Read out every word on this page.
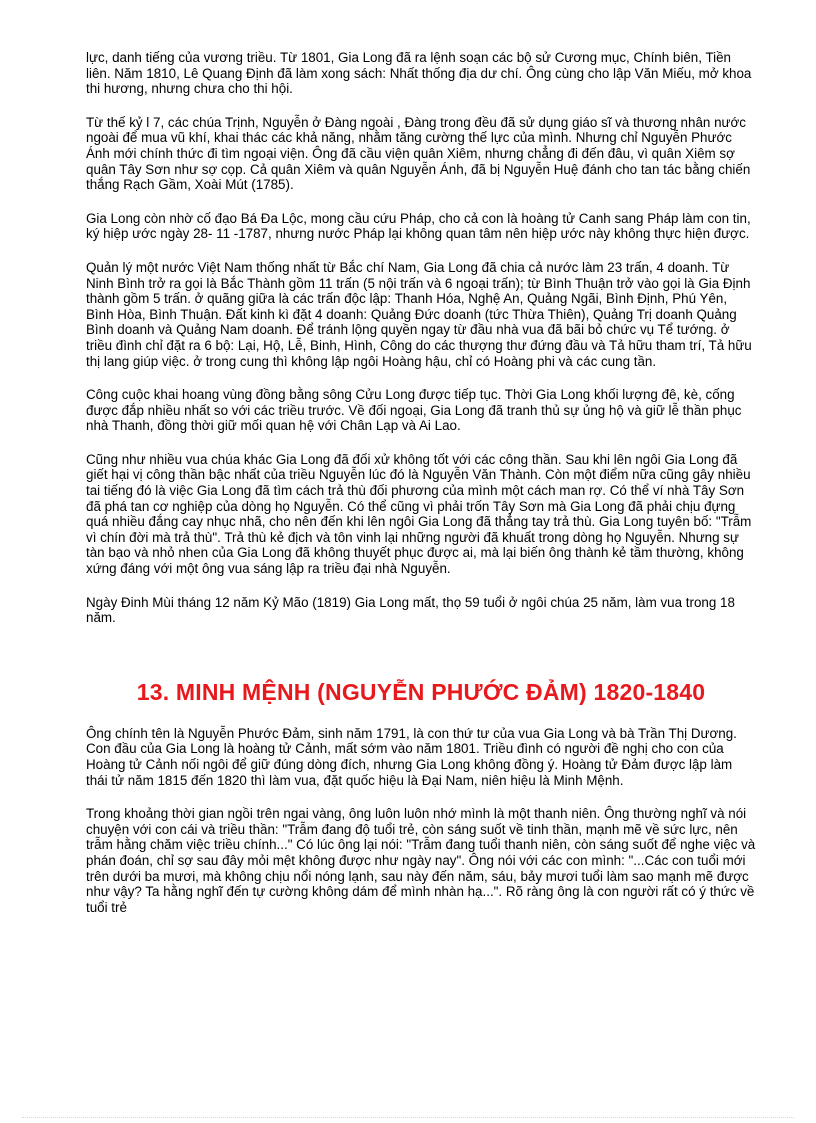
lực, danh tiếng của vương triều. Từ 1801, Gia Long đã ra lệnh soạn các bộ sử Cương mục, Chính biên, Tiền liên. Năm 1810, Lê Quang Định đã làm xong sách: Nhất thống địa dư chí. Ông cùng cho lập Văn Miếu, mở khoa thi hương, nhưng chưa cho thi hội.

Từ thế kỷ l 7, các chúa Trịnh, Nguyễn ở Đàng ngoài , Đàng trong đều đã sử dụng giáo sĩ và thương nhân nước ngoài để mua vũ khí, khai thác các khả năng, nhằm tăng cường thế lực của mình. Nhưng chỉ Nguyễn Phước Ánh mới chính thức đi tìm ngoại viện. Ông đã cầu viện quân Xiêm, nhưng chẳng đi đến đâu, vì quân Xiêm sợ quân Tây Sơn như sợ cọp. Cả quân Xiêm và quân Nguyễn Ánh, đã bị Nguyễn Huệ đánh cho tan tác bằng chiến thắng Rạch Gầm, Xoài Mút (1785).

Gia Long còn nhờ cố đạo Bá Đa Lộc, mong cầu cứu Pháp, cho cả con là hoàng tử Canh sang Pháp làm con tin, ký hiệp ước ngày 28- 11 -1787, nhưng nước Pháp lại không quan tâm nên hiệp ước này không thực hiện được.

Quản lý một nước Việt Nam thống nhất từ Bắc chí Nam, Gia Long đã chia cả nước làm 23 trấn, 4 doanh. Từ Ninh Bình trở ra gọi là Bắc Thành gồm 11 trấn (5 nội trấn và 6 ngoại trấn); từ Bình Thuận trở vào gọi là Gia Định thành gồm 5 trấn. ở quãng giữa là các trấn độc lập: Thanh Hóa, Nghệ An, Quảng Ngãi, Bình Định, Phú Yên, Bình Hòa, Bình Thuận. Đất kinh kì đặt 4 doanh: Quảng Đức doanh (tức Thừa Thiên), Quảng Trị doanh Quảng Bình doanh và Quảng Nam doanh. Để tránh lộng quyền ngay từ đầu nhà vua đã bãi bỏ chức vụ Tể tướng. ở triều đình chỉ đặt ra 6 bộ: Lại, Hộ, Lễ, Binh, Hình, Công do các thượng thư đứng đầu và Tả hữu tham trí, Tả hữu thị lang giúp việc. ở trong cung thì không lập ngôi Hoàng hậu, chỉ có Hoàng phi và các cung tần.

Công cuộc khai hoang vùng đồng bằng sông Cửu Long được tiếp tục. Thời Gia Long khối lượng đê, kè, cống được đắp nhiều nhất so với các triều trước. Về đối ngoại, Gia Long đã tranh thủ sự ủng hộ và giữ lễ thần phục nhà Thanh, đồng thời giữ mối quan hệ với Chân Lạp và Ai Lao.

Cũng như nhiều vua chúa khác Gia Long đã đối xử không tốt với các công thần. Sau khi lên ngôi Gia Long đã giết hại vị công thần bậc nhất của triều Nguyễn lúc đó là Nguyễn Văn Thành. Còn một điểm nữa cũng gây nhiều tai tiếng đó là việc Gia Long đã tìm cách trả thù đối phương của mình một cách man rợ. Có thể ví nhà Tây Sơn đã phá tan cơ nghiệp của dòng họ Nguyễn. Có thể cũng vì phải trốn Tây Sơn mà Gia Long đã phải chịu đựng quá nhiều đắng cay nhục nhã, cho nên đến khi lên ngôi Gia Long đã thẳng tay trả thù. Gia Long tuyên bố: "Trẫm vì chín đời mà trả thù". Trả thù kẻ địch và tôn vinh lại những người đã khuất trong dòng họ Nguyễn. Nhưng sự tàn bạo và nhỏ nhen của Gia Long đã không thuyết phục được ai, mà lại biến ông thành kẻ tầm thường, không xứng đáng với một ông vua sáng lập ra triều đại nhà Nguyễn.

Ngày Đinh Mùi tháng 12 năm Kỷ Mão (1819) Gia Long mất, thọ 59 tuổi ở ngôi chúa 25 năm, làm vua trong 18 năm.

13. MINH MỆNH (NGUYỄN PHƯỚC ĐẢM) 1820-1840

Ông chính tên là Nguyễn Phước Đảm, sinh năm 1791, là con thứ tư của vua Gia Long và bà Trần Thị Dương. Con đầu của Gia Long là hoàng tử Cảnh, mất sớm vào năm 1801. Triều đình có người đề nghị cho con của Hoàng tử Cảnh nối ngôi để giữ đúng dòng đích, nhưng Gia Long không đồng ý. Hoàng tử Đảm được lập làm thái tử năm 1815 đến 1820 thì làm vua, đặt quốc hiệu là Đại Nam, niên hiệu là Minh Mệnh.

Trong khoảng thời gian ngồi trên ngai vàng, ông luôn luôn nhớ mình là một thanh niên. Ông thường nghĩ và nói chuyện với con cái và triều thần: "Trẫm đang độ tuổi trẻ, còn sáng suốt về tinh thần, mạnh mẽ về sức lực, nên trẫm hằng chăm việc triều chính..." Có lúc ông lại nói: "Trẫm đang tuổi thanh niên, còn sáng suốt để nghe việc và phán đoán, chỉ sợ sau đây mỏi mệt không được như ngày nay". Ông nói với các con mình: "...Các con tuổi mới trên dưới ba mươi, mà không chịu nổi nóng lạnh, sau này đến năm, sáu, bảy mươi tuổi làm sao mạnh mẽ được như vậy? Ta hằng nghĩ đến tự cường không dám để mình nhàn hạ...". Rõ ràng ông là con người rất có ý thức về tuổi trẻ
